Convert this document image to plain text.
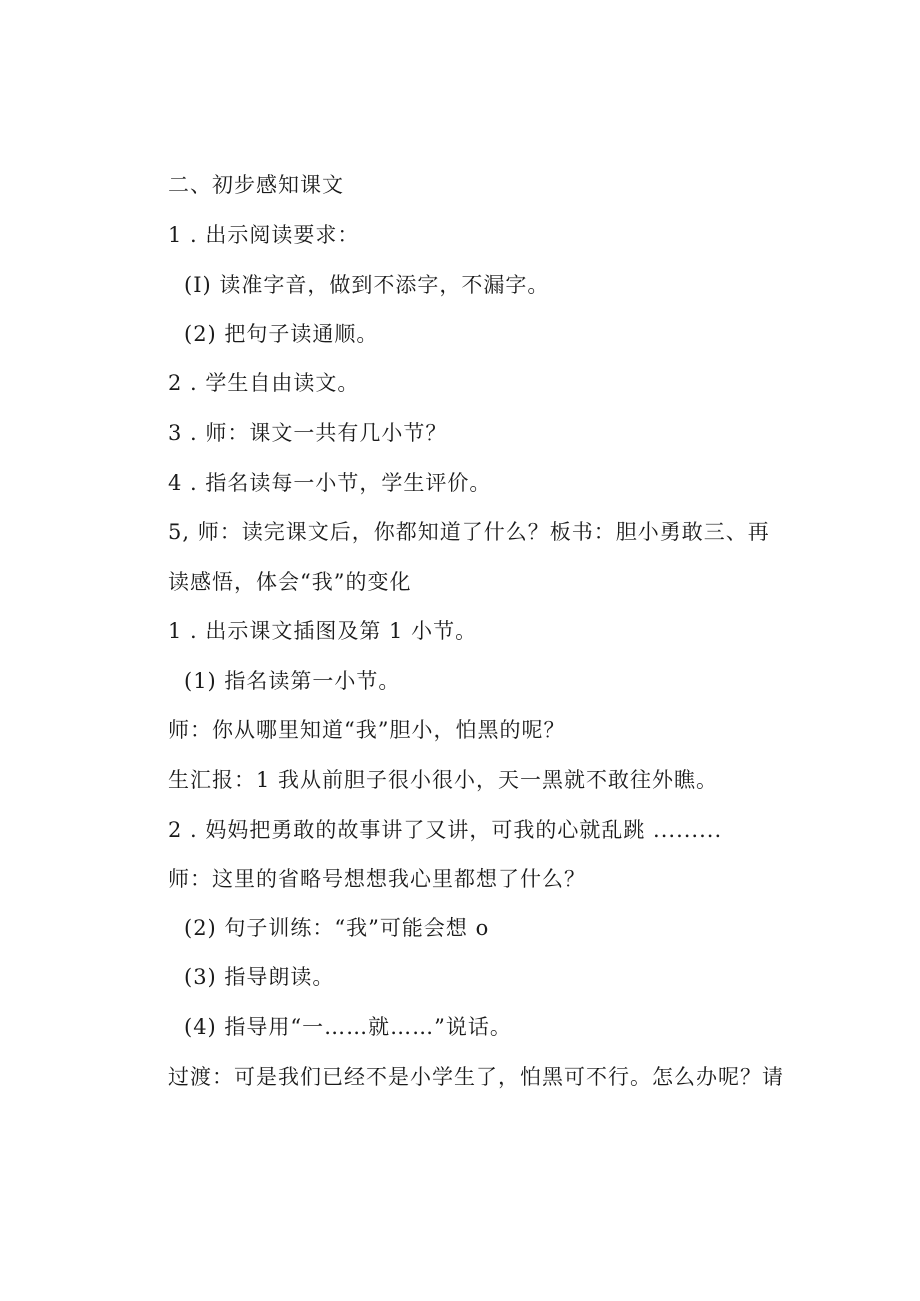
二、初步感知课文
1 . 出示阅读要求：
(I) 读准字音，做到不添字，不漏字。
(2) 把句子读通顺。
2 . 学生自由读文。
3 . 师：课文一共有几小节？
4 . 指名读每一小节，学生评价。
5, 师：读完课文后，你都知道了什么？板书：胆小勇敢三、再
读感悟，体会“我”的变化
1 . 出示课文插图及第 1 小节。
(1) 指名读第一小节。
师：你从哪里知道“我”胆小，怕黑的呢？
生汇报：1 我从前胆子很小很小，天一黑就不敢往外瞧。
2 . 妈妈把勇敢的故事讲了又讲，可我的心就乱跳 .........
师：这里的省略号想想我心里都想了什么？
(2) 句子训练：“我”可能会想 o
(3) 指导朗读。
(4) 指导用“一……就……”说话。
过渡：可是我们已经不是小学生了，怕黑可不行。怎么办呢？请
